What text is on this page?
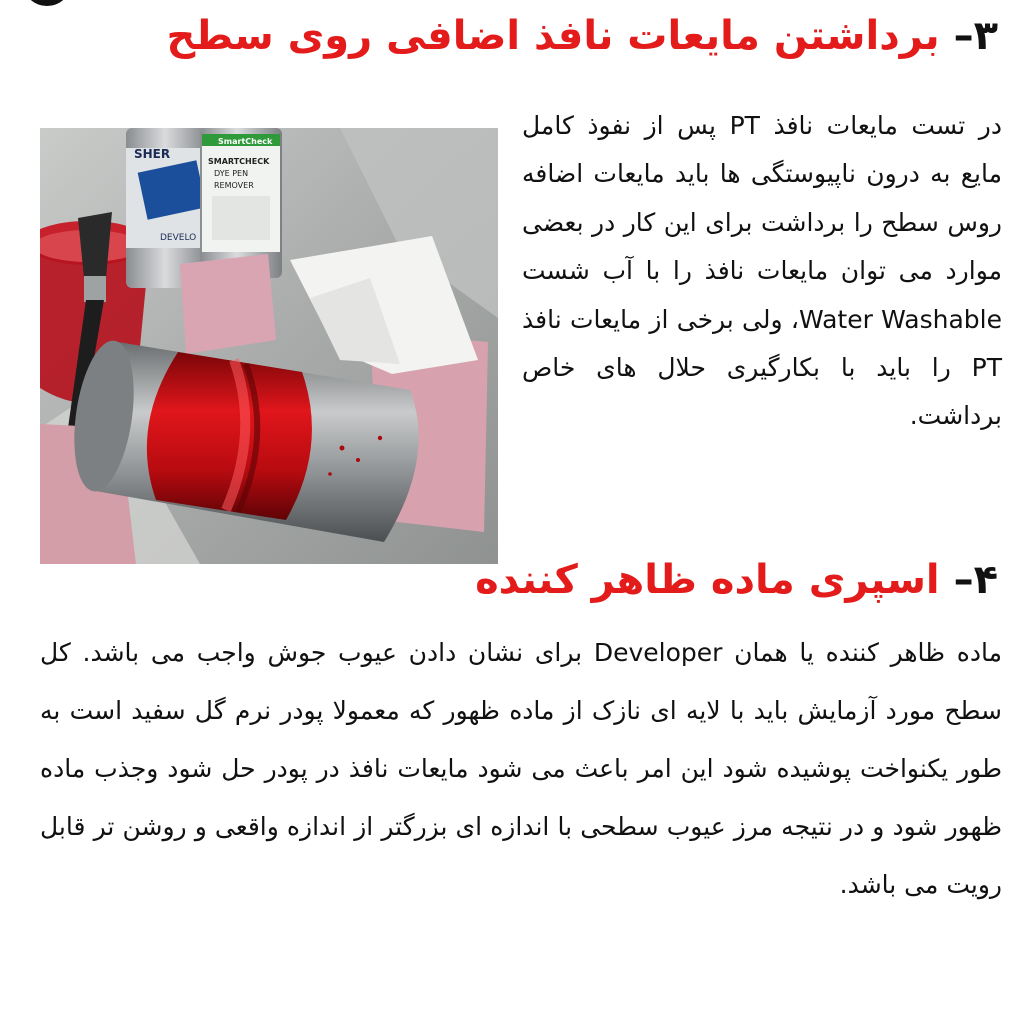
۳– برداشتن مایعات نافذ اضافی روی سطح
SHER
DEVELO
SmartCheck
SMARTCHECK
DYE PEN
REMOVER

در تست مایعات نافذ PT پس از نفوذ کامل مایع به درون ناپیوستگی ها باید مایعات اضافه روس سطح را برداشت برای این کار در بعضی موارد می توان مایعات نافذ را با آب شست Water Washable، ولی برخی از مایعات نافذ PT را باید با بکارگیری حلال های خاص برداشت.

۴– اسپری ماده ظاهر کننده

ماده ظاهر کننده یا همان Developer برای نشان دادن عیوب جوش واجب می باشد. کل سطح مورد آزمایش باید با لایه ای نازک از ماده ظهور که معمولا پودر نرم گل سفید است به طور یکنواخت پوشیده شود این امر باعث می شود مایعات نافذ در پودر حل شود وجذب ماده ظهور شود و در نتیجه مرز عیوب سطحی با اندازه ای بزرگتر از اندازه واقعی و روشن تر قابل رویت می باشد.
